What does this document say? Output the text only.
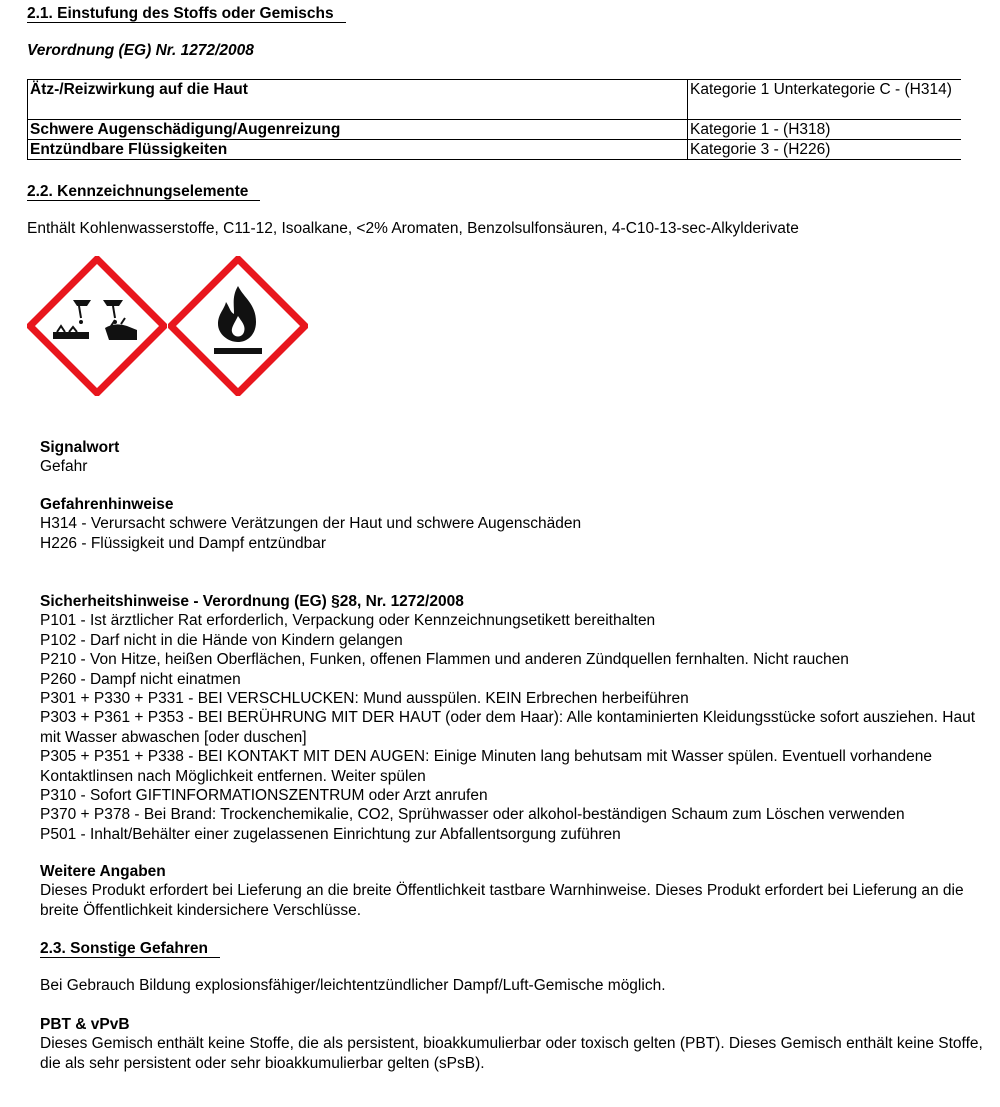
2.1. Einstufung des Stoffs oder Gemischs
Verordnung (EG) Nr. 1272/2008
Ätz-/Reizwirkung auf die Haut	Kategorie 1 Unterkategorie C - (H314)
Schwere Augenschädigung/Augenreizung	Kategorie 1 - (H318)
Entzündbare Flüssigkeiten	Kategorie 3 - (H226)
2.2. Kennzeichnungselemente
Enthält Kohlenwasserstoffe, C11-12, Isoalkane, <2% Aromaten, Benzolsulfonsäuren, 4-C10-13-sec-Alkylderivate
Signalwort
Gefahr
Gefahrenhinweise
H314 - Verursacht schwere Verätzungen der Haut und schwere Augenschäden
H226 - Flüssigkeit und Dampf entzündbar
Sicherheitshinweise - Verordnung (EG) §28, Nr. 1272/2008
P101 - Ist ärztlicher Rat erforderlich, Verpackung oder Kennzeichnungsetikett bereithalten
P102 - Darf nicht in die Hände von Kindern gelangen
P210 - Von Hitze, heißen Oberflächen, Funken, offenen Flammen und anderen Zündquellen fernhalten. Nicht rauchen
P260 - Dampf nicht einatmen
P301 + P330 + P331 - BEI VERSCHLUCKEN: Mund ausspülen. KEIN Erbrechen herbeiführen
P303 + P361 + P353 - BEI BERÜHRUNG MIT DER HAUT (oder dem Haar): Alle kontaminierten Kleidungsstücke sofort ausziehen. Haut mit Wasser abwaschen [oder duschen]
P305 + P351 + P338 - BEI KONTAKT MIT DEN AUGEN: Einige Minuten lang behutsam mit Wasser spülen. Eventuell vorhandene Kontaktlinsen nach Möglichkeit entfernen. Weiter spülen
P310 - Sofort GIFTINFORMATIONSZENTRUM oder Arzt anrufen
P370 + P378 - Bei Brand: Trockenchemikalie, CO2, Sprühwasser oder alkohol-beständigen Schaum zum Löschen verwenden
P501 - Inhalt/Behälter einer zugelassenen Einrichtung zur Abfallentsorgung zuführen
Weitere Angaben
Dieses Produkt erfordert bei Lieferung an die breite Öffentlichkeit tastbare Warnhinweise. Dieses Produkt erfordert bei Lieferung an die breite Öffentlichkeit kindersichere Verschlüsse.
2.3. Sonstige Gefahren
Bei Gebrauch Bildung explosionsfähiger/leichtentzündlicher Dampf/Luft-Gemische möglich.
PBT & vPvB
Dieses Gemisch enthält keine Stoffe, die als persistent, bioakkumulierbar oder toxisch gelten (PBT). Dieses Gemisch enthält keine Stoffe, die als sehr persistent oder sehr bioakkumulierbar gelten (sPsB).
